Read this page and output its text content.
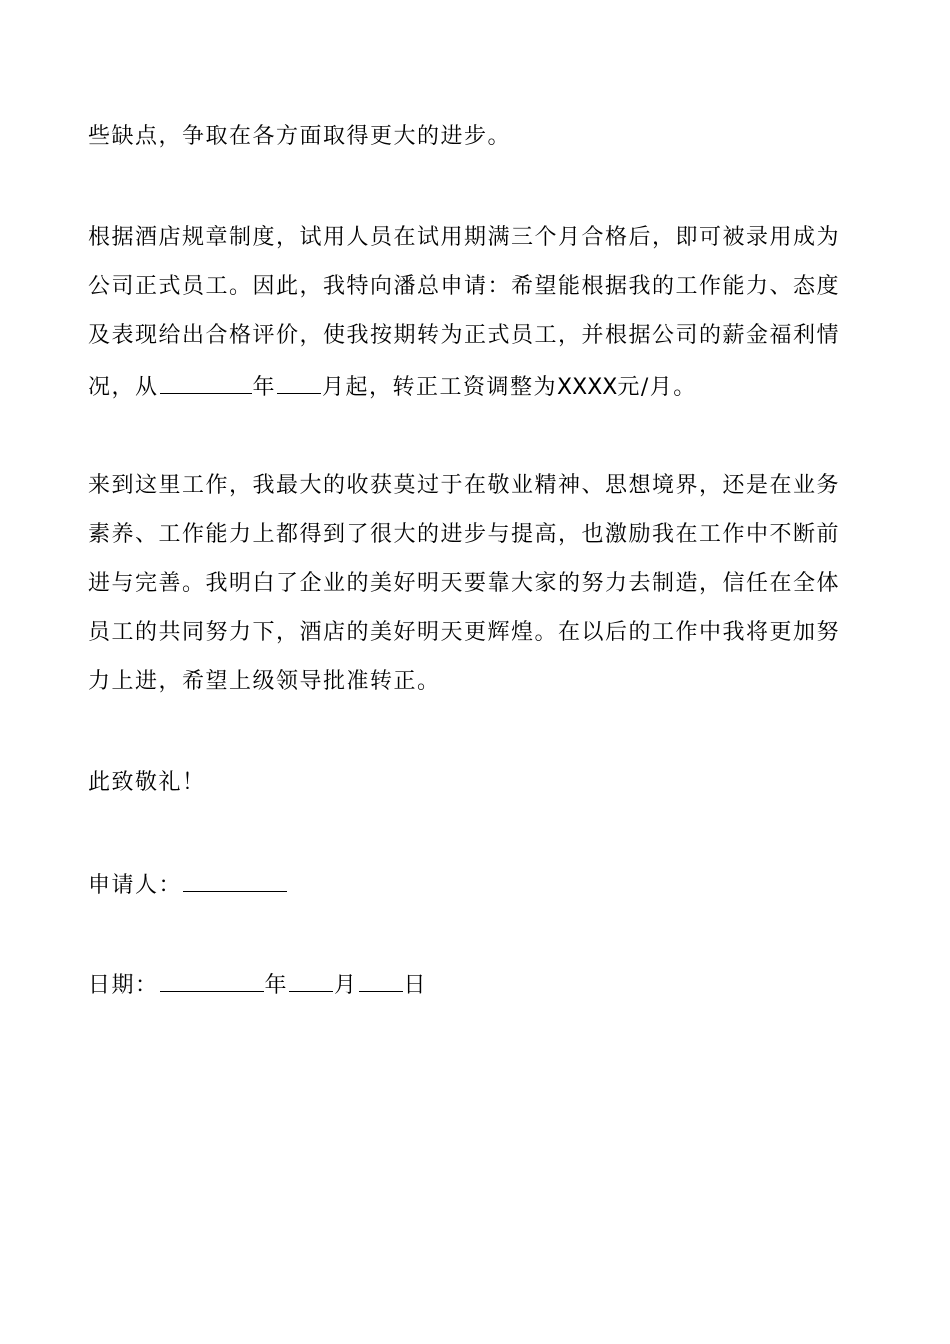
些缺点，争取在各方面取得更大的进步。
根据酒店规章制度，试用人员在试用期满三个月合格后，即可被录用成为
公司正式员工。因此，我特向潘总申请：希望能根据我的工作能力、态度
及表现给出合格评价，使我按期转为正式员工，并根据公司的薪金福利情
况，从	年 月起，转正工资调整为XXXX元/月。
来到这里工作，我最大的收获莫过于在敬业精神、思想境界，还是在业务
素养、工作能力上都得到了很大的进步与提高，也激励我在工作中不断前
进与完善。我明白了企业的美好明天要靠大家的努力去制造，信任在全体
员工的共同努力下，酒店的美好明天更辉煌。在以后的工作中我将更加努
力上进，希望上级领导批准转正。
此致敬礼！
申请人：
日期：	年 月 日
